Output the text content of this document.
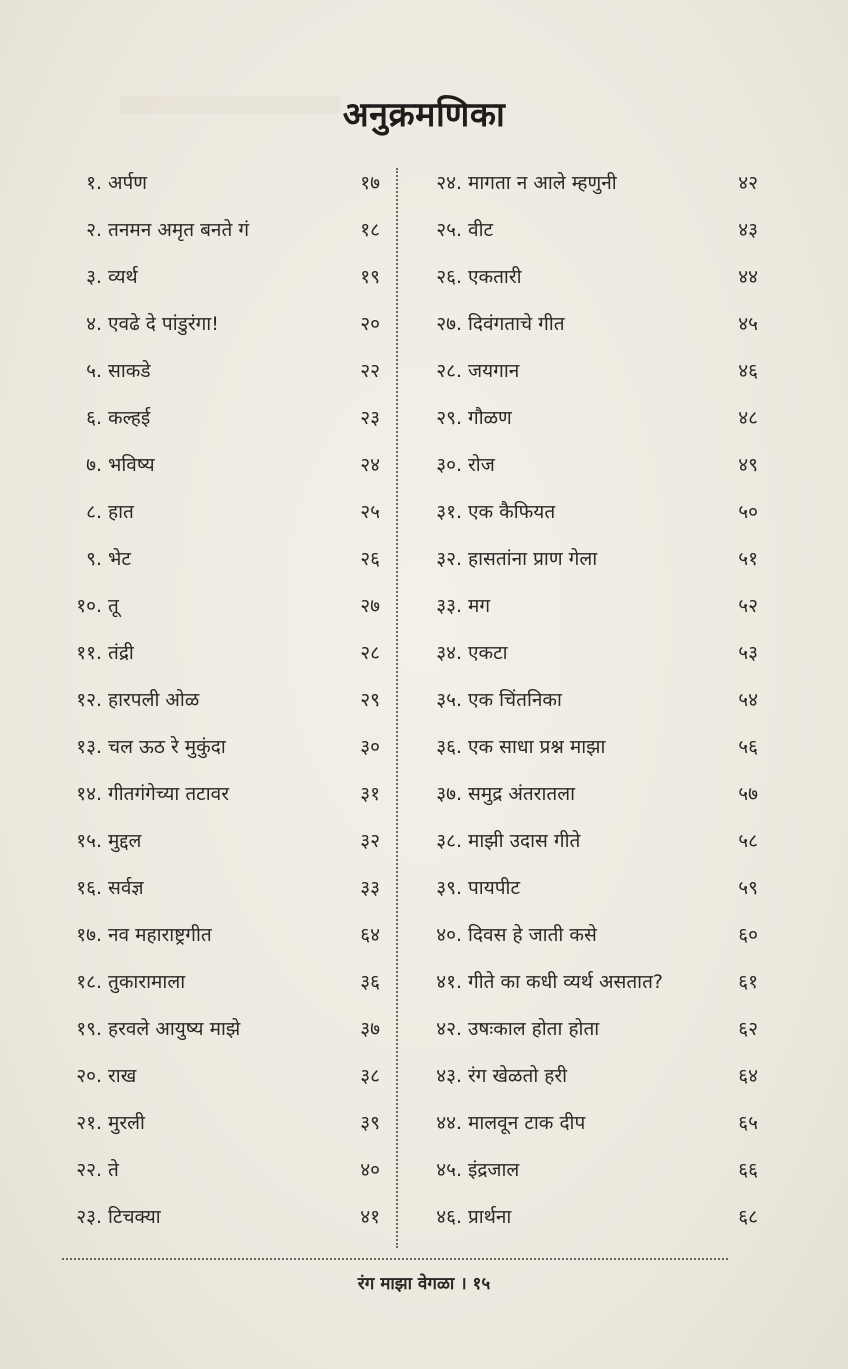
अनुक्रमणिका
१. अर्पण	१७
२. तनमन अमृत बनते गं	१८
३. व्यर्थ	१९
४. एवढे दे पांडुरंगा!	२०
५. साकडे	२२
६. कल्हई	२३
७. भविष्य	२४
८. हात	२५
९. भेट	२६
१०. तू	२७
११. तंद्री	२८
१२. हारपली ओळ	२९
१३. चल ऊठ रे मुकुंदा	३०
१४. गीतगंगेच्या तटावर	३१
१५. मुद्दल	३२
१६. सर्वज्ञ	३३
१७. नव महाराष्ट्रगीत	६४
१८. तुकारामाला	३६
१९. हरवले आयुष्य माझे	३७
२०. राख	३८
२१. मुरली	३९
२२. ते	४०
२३. टिचक्या	४१
२४. मागता न आले म्हणुनी	४२
२५. वीट	४३
२६. एकतारी	४४
२७. दिवंगताचे गीत	४५
२८. जयगान	४६
२९. गौळण	४८
३०. रोज	४९
३१. एक कैफियत	५०
३२. हासतांना प्राण गेला	५१
३३. मग	५२
३४. एकटा	५३
३५. एक चिंतनिका	५४
३६. एक साधा प्रश्न माझा	५६
३७. समुद्र अंतरातला	५७
३८. माझी उदास गीते	५८
३९. पायपीट	५९
४०. दिवस हे जाती कसे	६०
४१. गीते का कधी व्यर्थ असतात?	६१
४२. उषःकाल होता होता	६२
४३. रंग खेळतो हरी	६४
४४. मालवून टाक दीप	६५
४५. इंद्रजाल	६६
४६. प्रार्थना	६८
रंग माझा वेगळा । १५
